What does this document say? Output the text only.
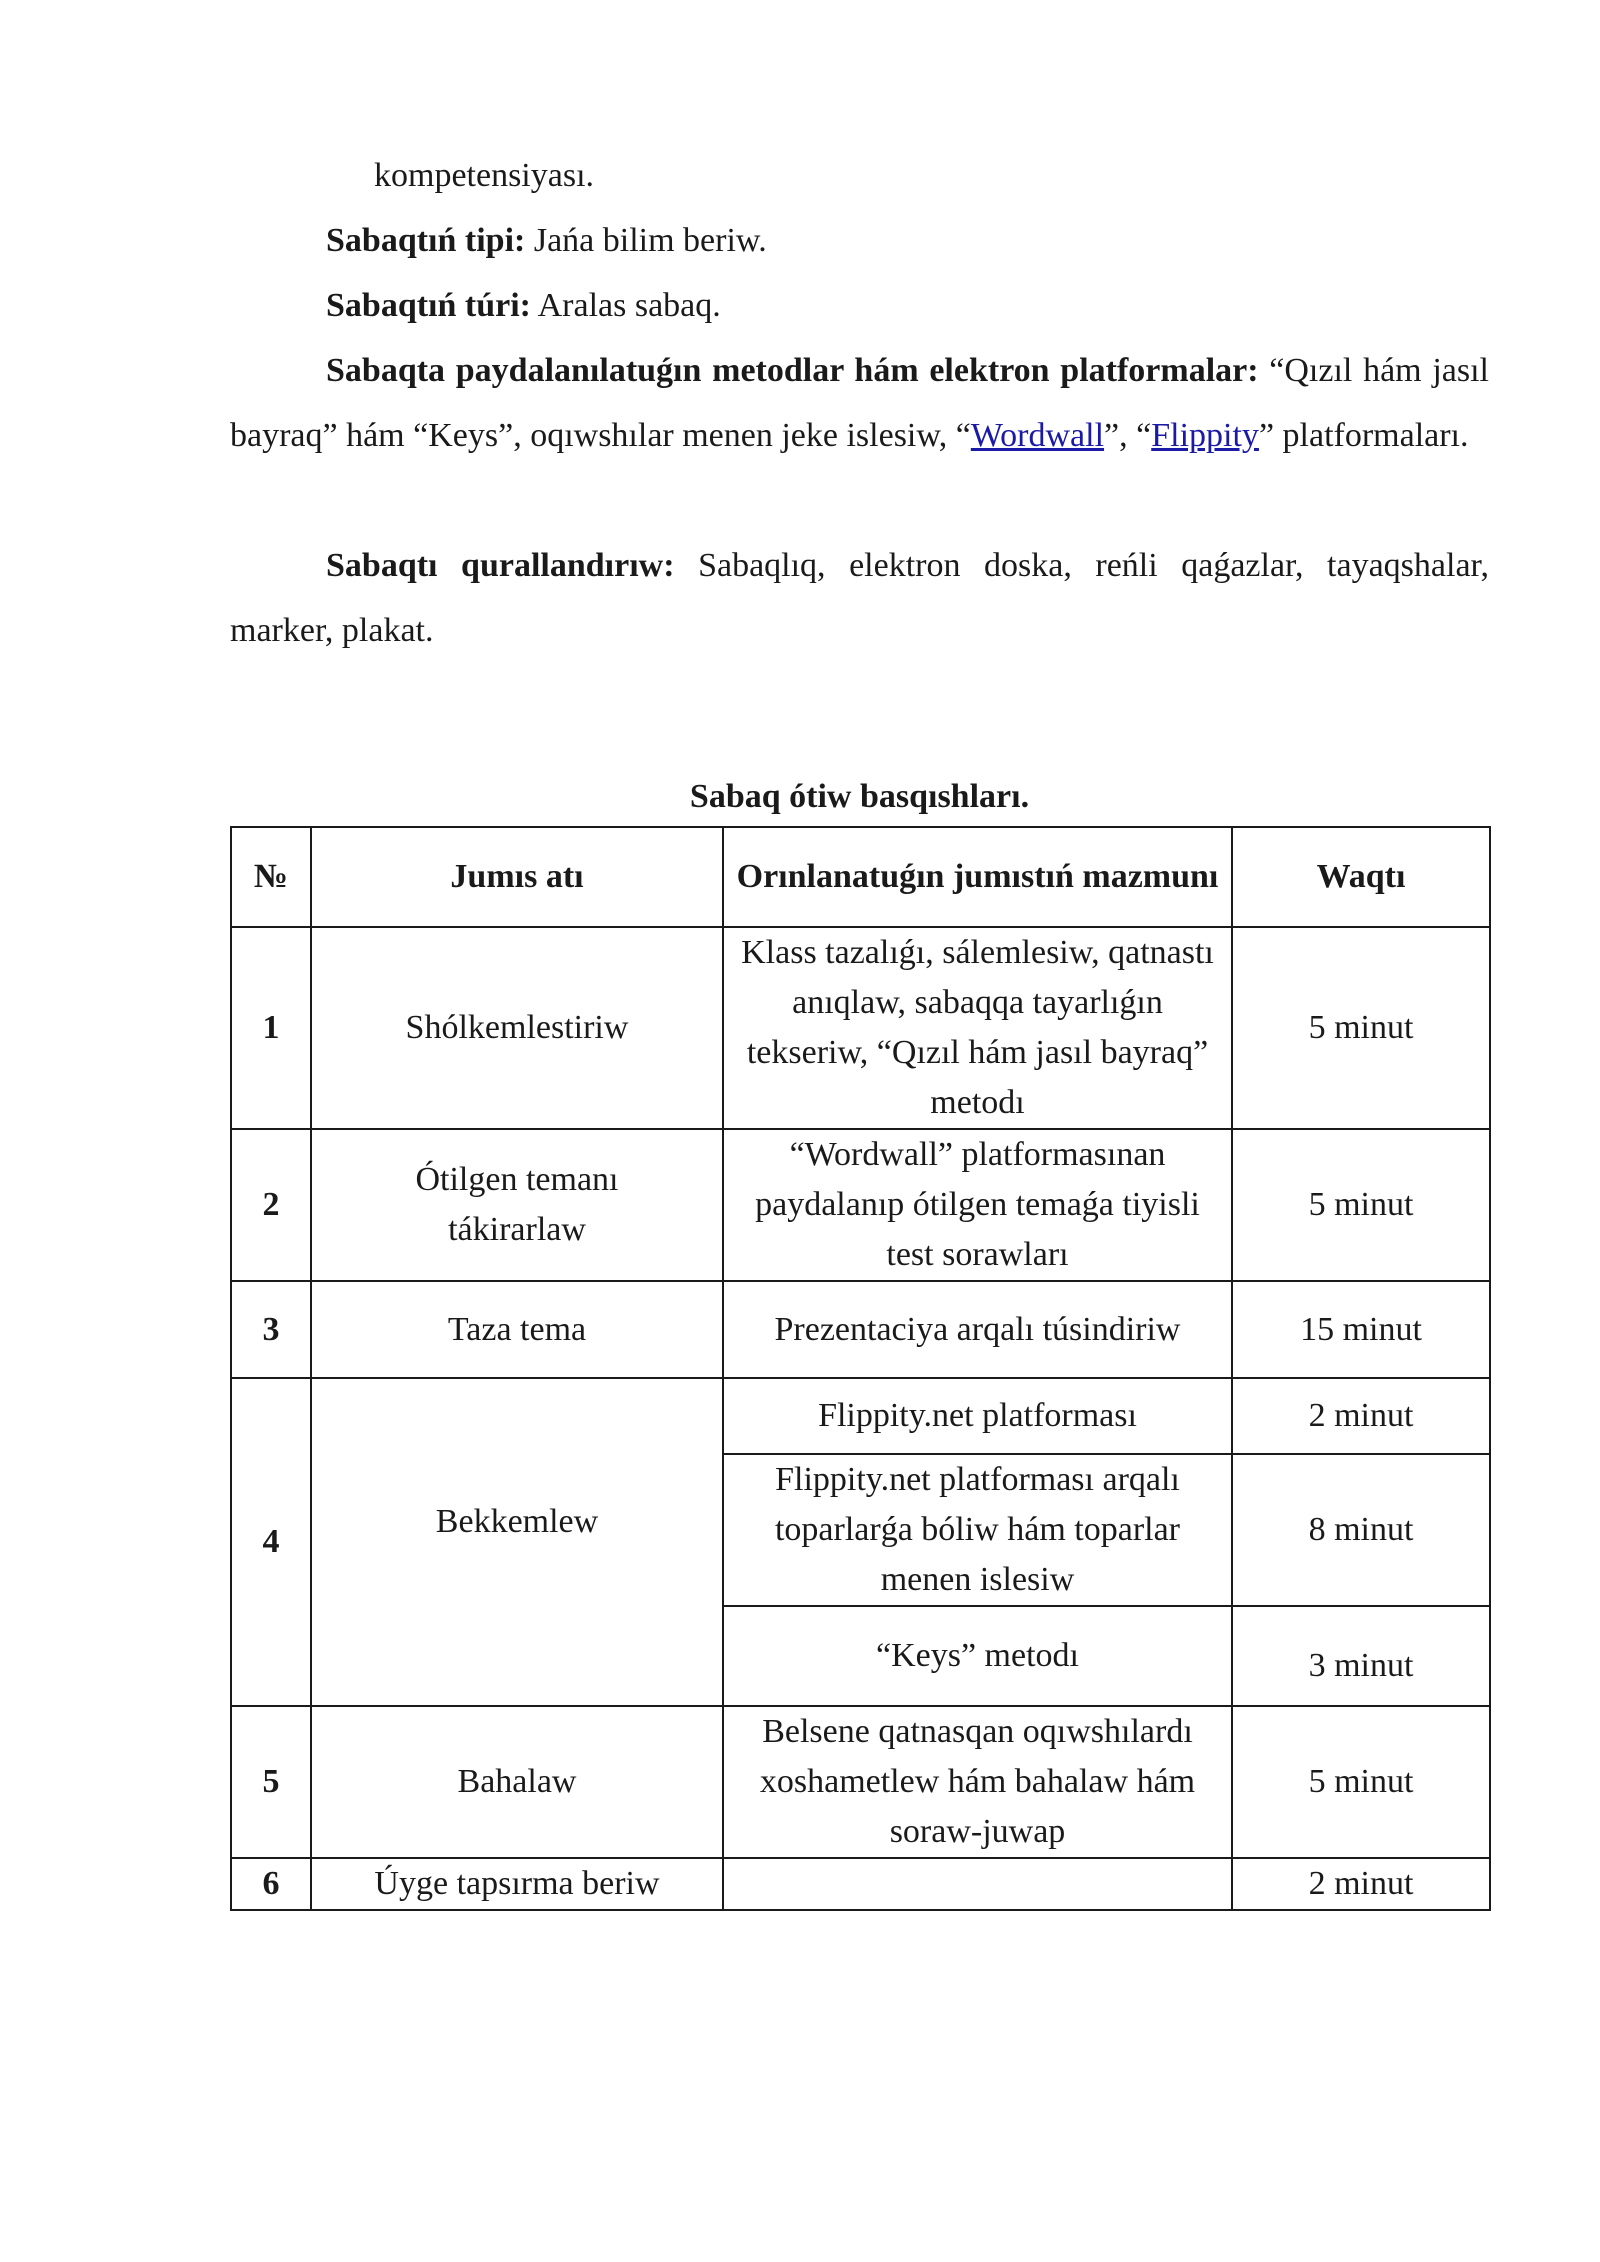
kompetensiyası.

Sabaqtıń tipi: Jańa bilim beriw.

Sabaqtıń túri: Aralas sabaq.

Sabaqta paydalanılatuǵın metodlar hám elektron platformalar: “Qızıl hám jasıl bayraq” hám “Keys”, oqıwshılar menen jeke islesiw, “Wordwall”, “Flippity” platformaları.

Sabaqtı qurallandırıw: Sabaqlıq, elektron doska, reńli qaǵazlar, tayaqshalar, marker, plakat.

Sabaq ótiw basqıshları.
№	Jumıs atı	Orınlanatuǵın jumıstıń mazmunı	Waqtı
1	Shólkemlestiriw	Klass tazalıǵı, sálemlesiw, qatnastı anıqlaw, sabaqqa tayarlıǵın tekseriw, “Qızıl hám jasıl bayraq” metodı	5 minut
2	Ótilgen temanı tákirarlaw	“Wordwall” platformasınan paydalanıp ótilgen temaǵa tiyisli test sorawları	5 minut
3	Taza tema	Prezentaciya arqalı túsindiriw	15 minut
4	Bekkemlew	Flippity.net platforması	2 minut
		Flippity.net platforması arqalı toparlarǵa bóliw hám toparlar menen islesiw	8 minut
		“Keys” metodı	3 minut
5	Bahalaw	Belsene qatnasqan oqıwshılardı xoshametlew hám bahalaw hám soraw-juwap	5 minut
6	Úyge tapsırma beriw		2 minut
